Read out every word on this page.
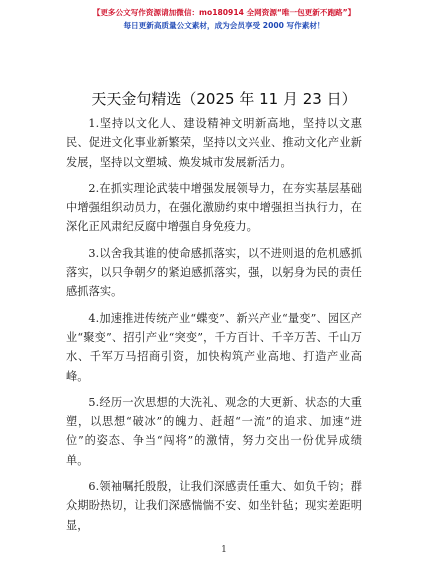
【更多公文写作资源请加微信：mo180914 全网资源“唯一包更新不跑路”】
每日更新高质量公文素材，成为会员享受 2000 写作素材！
天天金句精选（2025 年 11 月 23 日）

1.坚持以文化人、建设精神文明新高地，坚持以文惠民、促进文化事业新繁荣，坚持以文兴业、推动文化产业新发展，坚持以文塑城、焕发城市发展新活力。

2.在抓实理论武装中增强发展领导力，在夯实基层基础中增强组织动员力，在强化激励约束中增强担当执行力，在深化正风肃纪反腐中增强自身免疫力。

3.以舍我其谁的使命感抓落实，以不进则退的危机感抓落实，以只争朝夕的紧迫感抓落实，强，以躬身为民的责任感抓落实。

4.加速推进传统产业“蝶变”、新兴产业“量变”、园区产业“聚变”、招引产业“突变”，千方百计、千辛万苦、千山万水、千军万马招商引资，加快构筑产业高地、打造产业高峰。

5.经历一次思想的大洗礼、观念的大更新、状态的大重塑，以思想“破冰”的魄力、赶超“一流”的追求、加速“进位”的姿态、争当“闯将”的激情，努力交出一份优异成绩单。

6.领袖嘱托殷殷，让我们深感责任重大、如负千钧；群众期盼热切，让我们深感惴惴不安、如坐针毡；现实差距明显，

1
